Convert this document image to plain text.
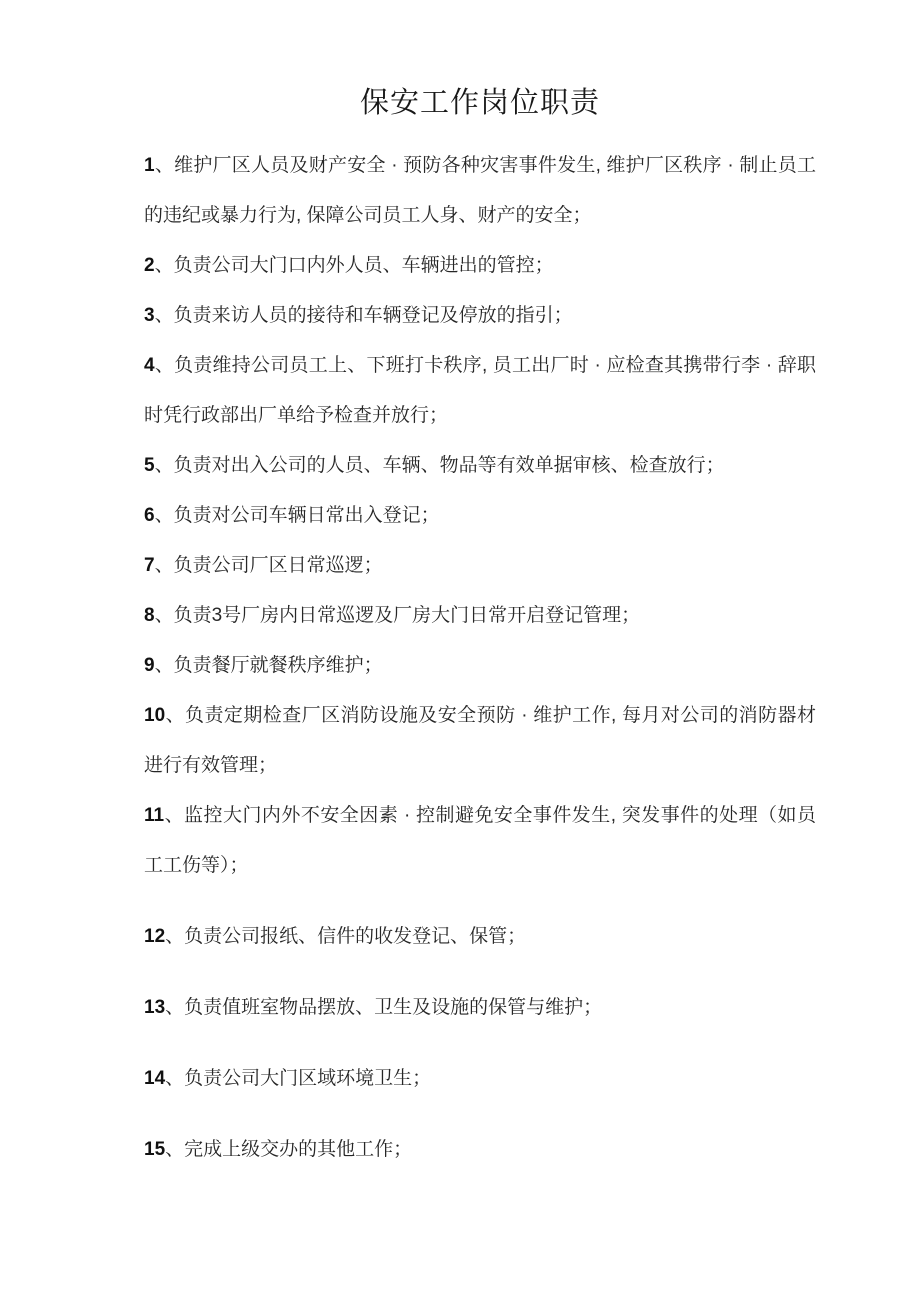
保安工作岗位职责

1、维护厂区人员及财产安全 · 预防各种灾害事件发生, 维护厂区秩序 · 制止员工的违纪或暴力行为, 保障公司员工人身、财产的安全；

2、负责公司大门口内外人员、车辆进出的管控；

3、负责来访人员的接待和车辆登记及停放的指引；

4、负责维持公司员工上、下班打卡秩序, 员工出厂时 · 应检查其携带行李 · 辞职时凭行政部出厂单给予检查并放行；

5、负责对出入公司的人员、车辆、物品等有效单据审核、检查放行；

6、负责对公司车辆日常出入登记；

7、负责公司厂区日常巡逻；

8、负责3号厂房内日常巡逻及厂房大门日常开启登记管理；

9、负责餐厅就餐秩序维护；

10、负责定期检查厂区消防设施及安全预防 · 维护工作, 每月对公司的消防器材进行有效管理；

11、监控大门内外不安全因素 · 控制避免安全事件发生, 突发事件的处理（如员工工伤等）；

12、负责公司报纸、信件的收发登记、保管；

13、负责值班室物品摆放、卫生及设施的保管与维护；

14、负责公司大门区域环境卫生；

15、完成上级交办的其他工作；
